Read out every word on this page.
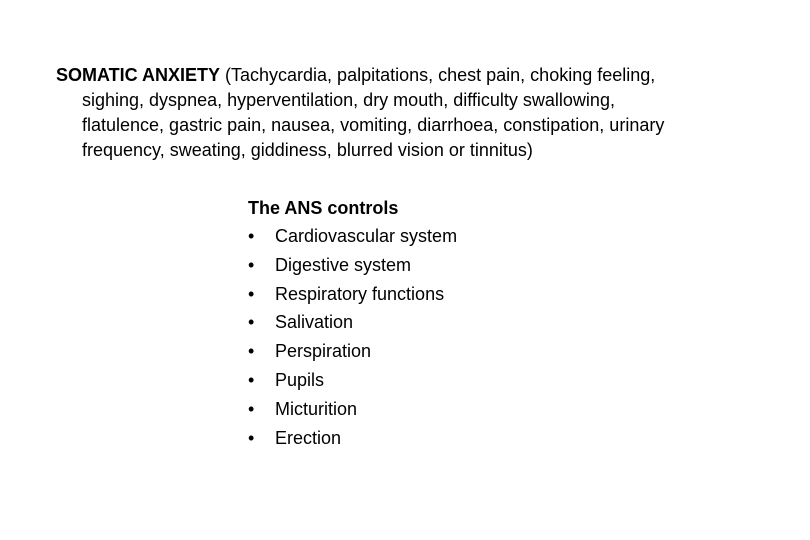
SOMATIC ANXIETY (Tachycardia, palpitations, chest pain, choking feeling,
sighing, dyspnea, hyperventilation, dry mouth, difficulty swallowing,
flatulence, gastric pain, nausea, vomiting, diarrhoea, constipation, urinary
frequency, sweating, giddiness, blurred vision or tinnitus)

The ANS controls
•	Cardiovascular system
•	Digestive system
•	Respiratory functions
•	Salivation
•	Perspiration
•	Pupils
•	Micturition
•	Erection
